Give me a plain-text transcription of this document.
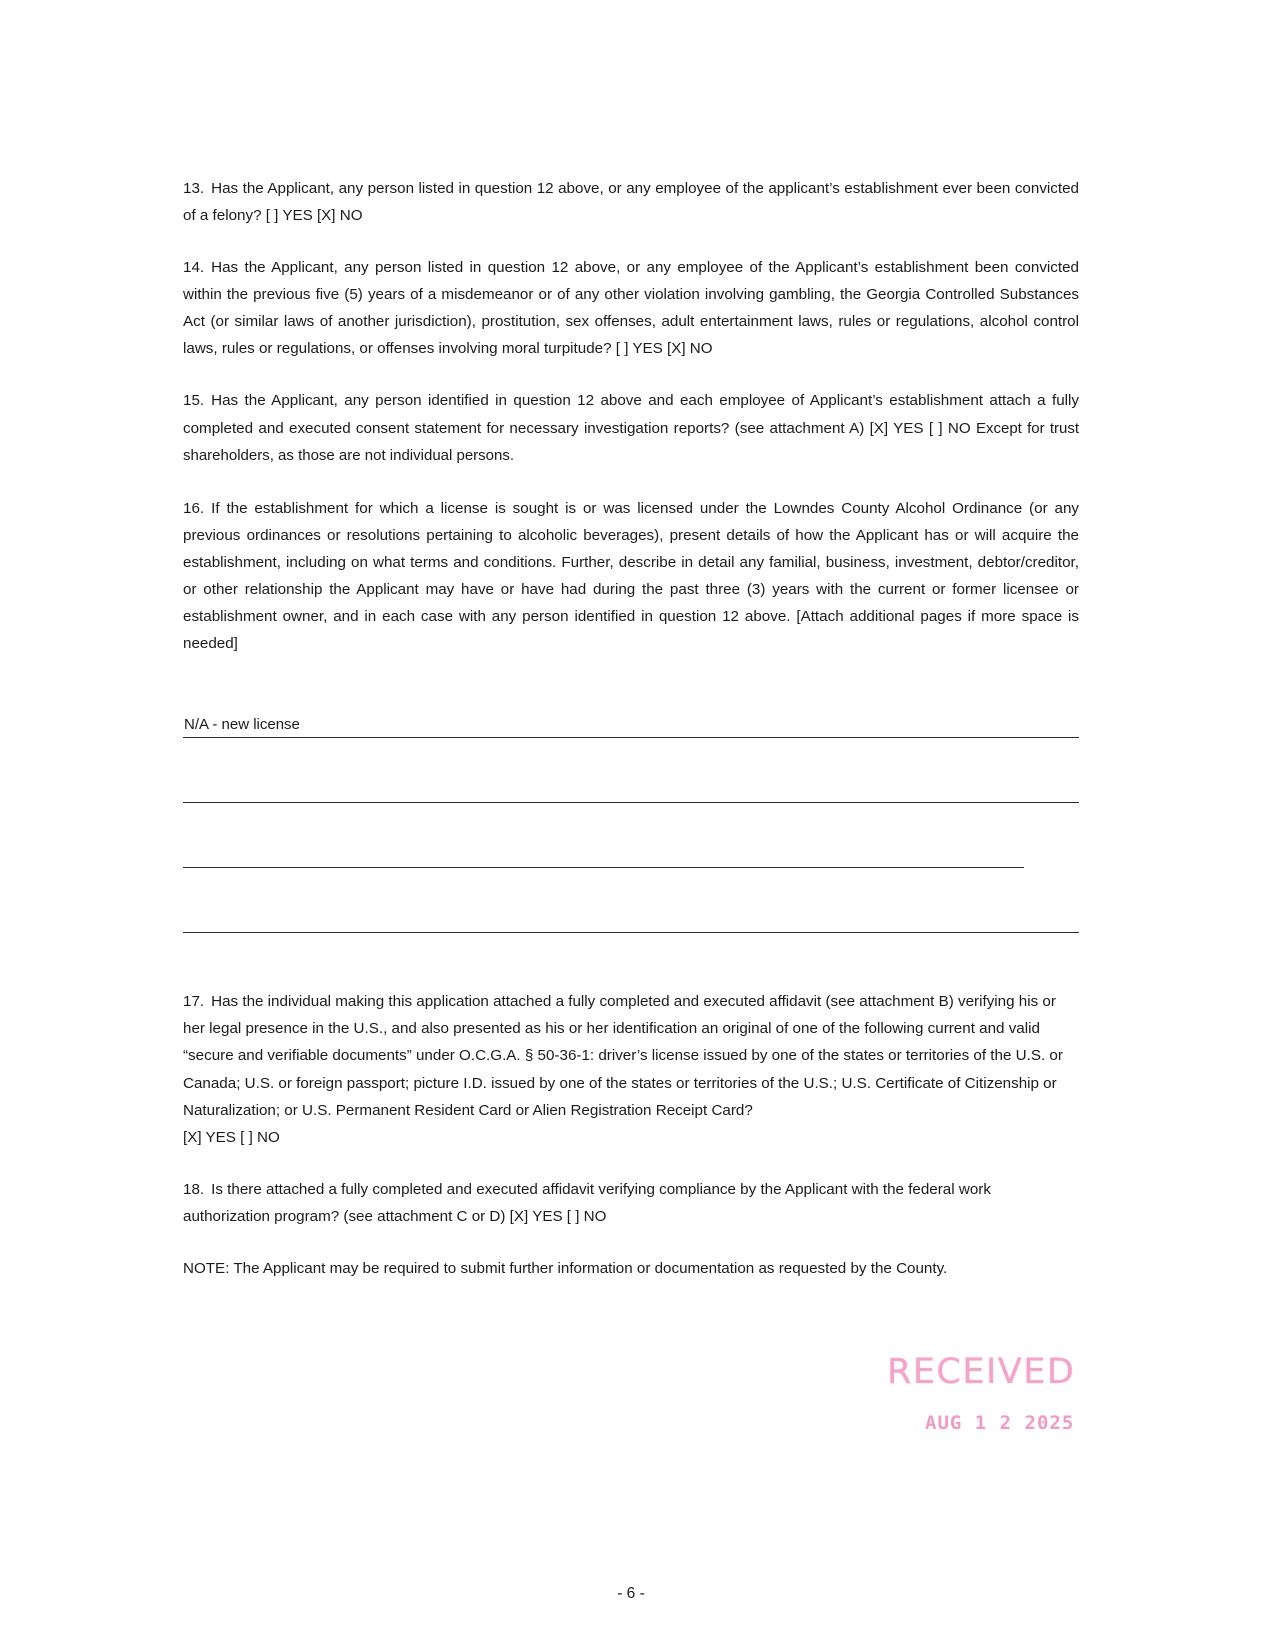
13. Has the Applicant, any person listed in question 12 above, or any employee of the applicant’s establishment ever been convicted of a felony? [ ] YES [X] NO

14. Has the Applicant, any person listed in question 12 above, or any employee of the Applicant’s establishment been convicted within the previous five (5) years of a misdemeanor or of any other violation involving gambling, the Georgia Controlled Substances Act (or similar laws of another jurisdiction), prostitution, sex offenses, adult entertainment laws, rules or regulations, alcohol control laws, rules or regulations, or offenses involving moral turpitude? [ ] YES [X] NO

15. Has the Applicant, any person identified in question 12 above and each employee of Applicant’s establishment attach a fully completed and executed consent statement for necessary investigation reports? (see attachment A) [X] YES [ ] NO Except for trust shareholders, as those are not individual persons.

16. If the establishment for which a license is sought is or was licensed under the Lowndes County Alcohol Ordinance (or any previous ordinances or resolutions pertaining to alcoholic beverages), present details of how the Applicant has or will acquire the establishment, including on what terms and conditions. Further, describe in detail any familial, business, investment, debtor/creditor, or other relationship the Applicant may have or have had during the past three (3) years with the current or former licensee or establishment owner, and in each case with any person identified in question 12 above. [Attach additional pages if more space is needed]

N/A - new license

17. Has the individual making this application attached a fully completed and executed affidavit (see attachment B) verifying his or her legal presence in the U.S., and also presented as his or her identification an original of one of the following current and valid “secure and verifiable documents” under O.C.G.A. § 50-36-1: driver’s license issued by one of the states or territories of the U.S. or Canada; U.S. or foreign passport; picture I.D. issued by one of the states or territories of the U.S.; U.S. Certificate of Citizenship or Naturalization; or U.S. Permanent Resident Card or Alien Registration Receipt Card?
[X] YES [ ] NO

18. Is there attached a fully completed and executed affidavit verifying compliance by the Applicant with the federal work authorization program? (see attachment C or D) [X] YES [ ] NO

NOTE: The Applicant may be required to submit further information or documentation as requested by the County.

- 6 -
RECEIVED
AUG 1 2 2025
